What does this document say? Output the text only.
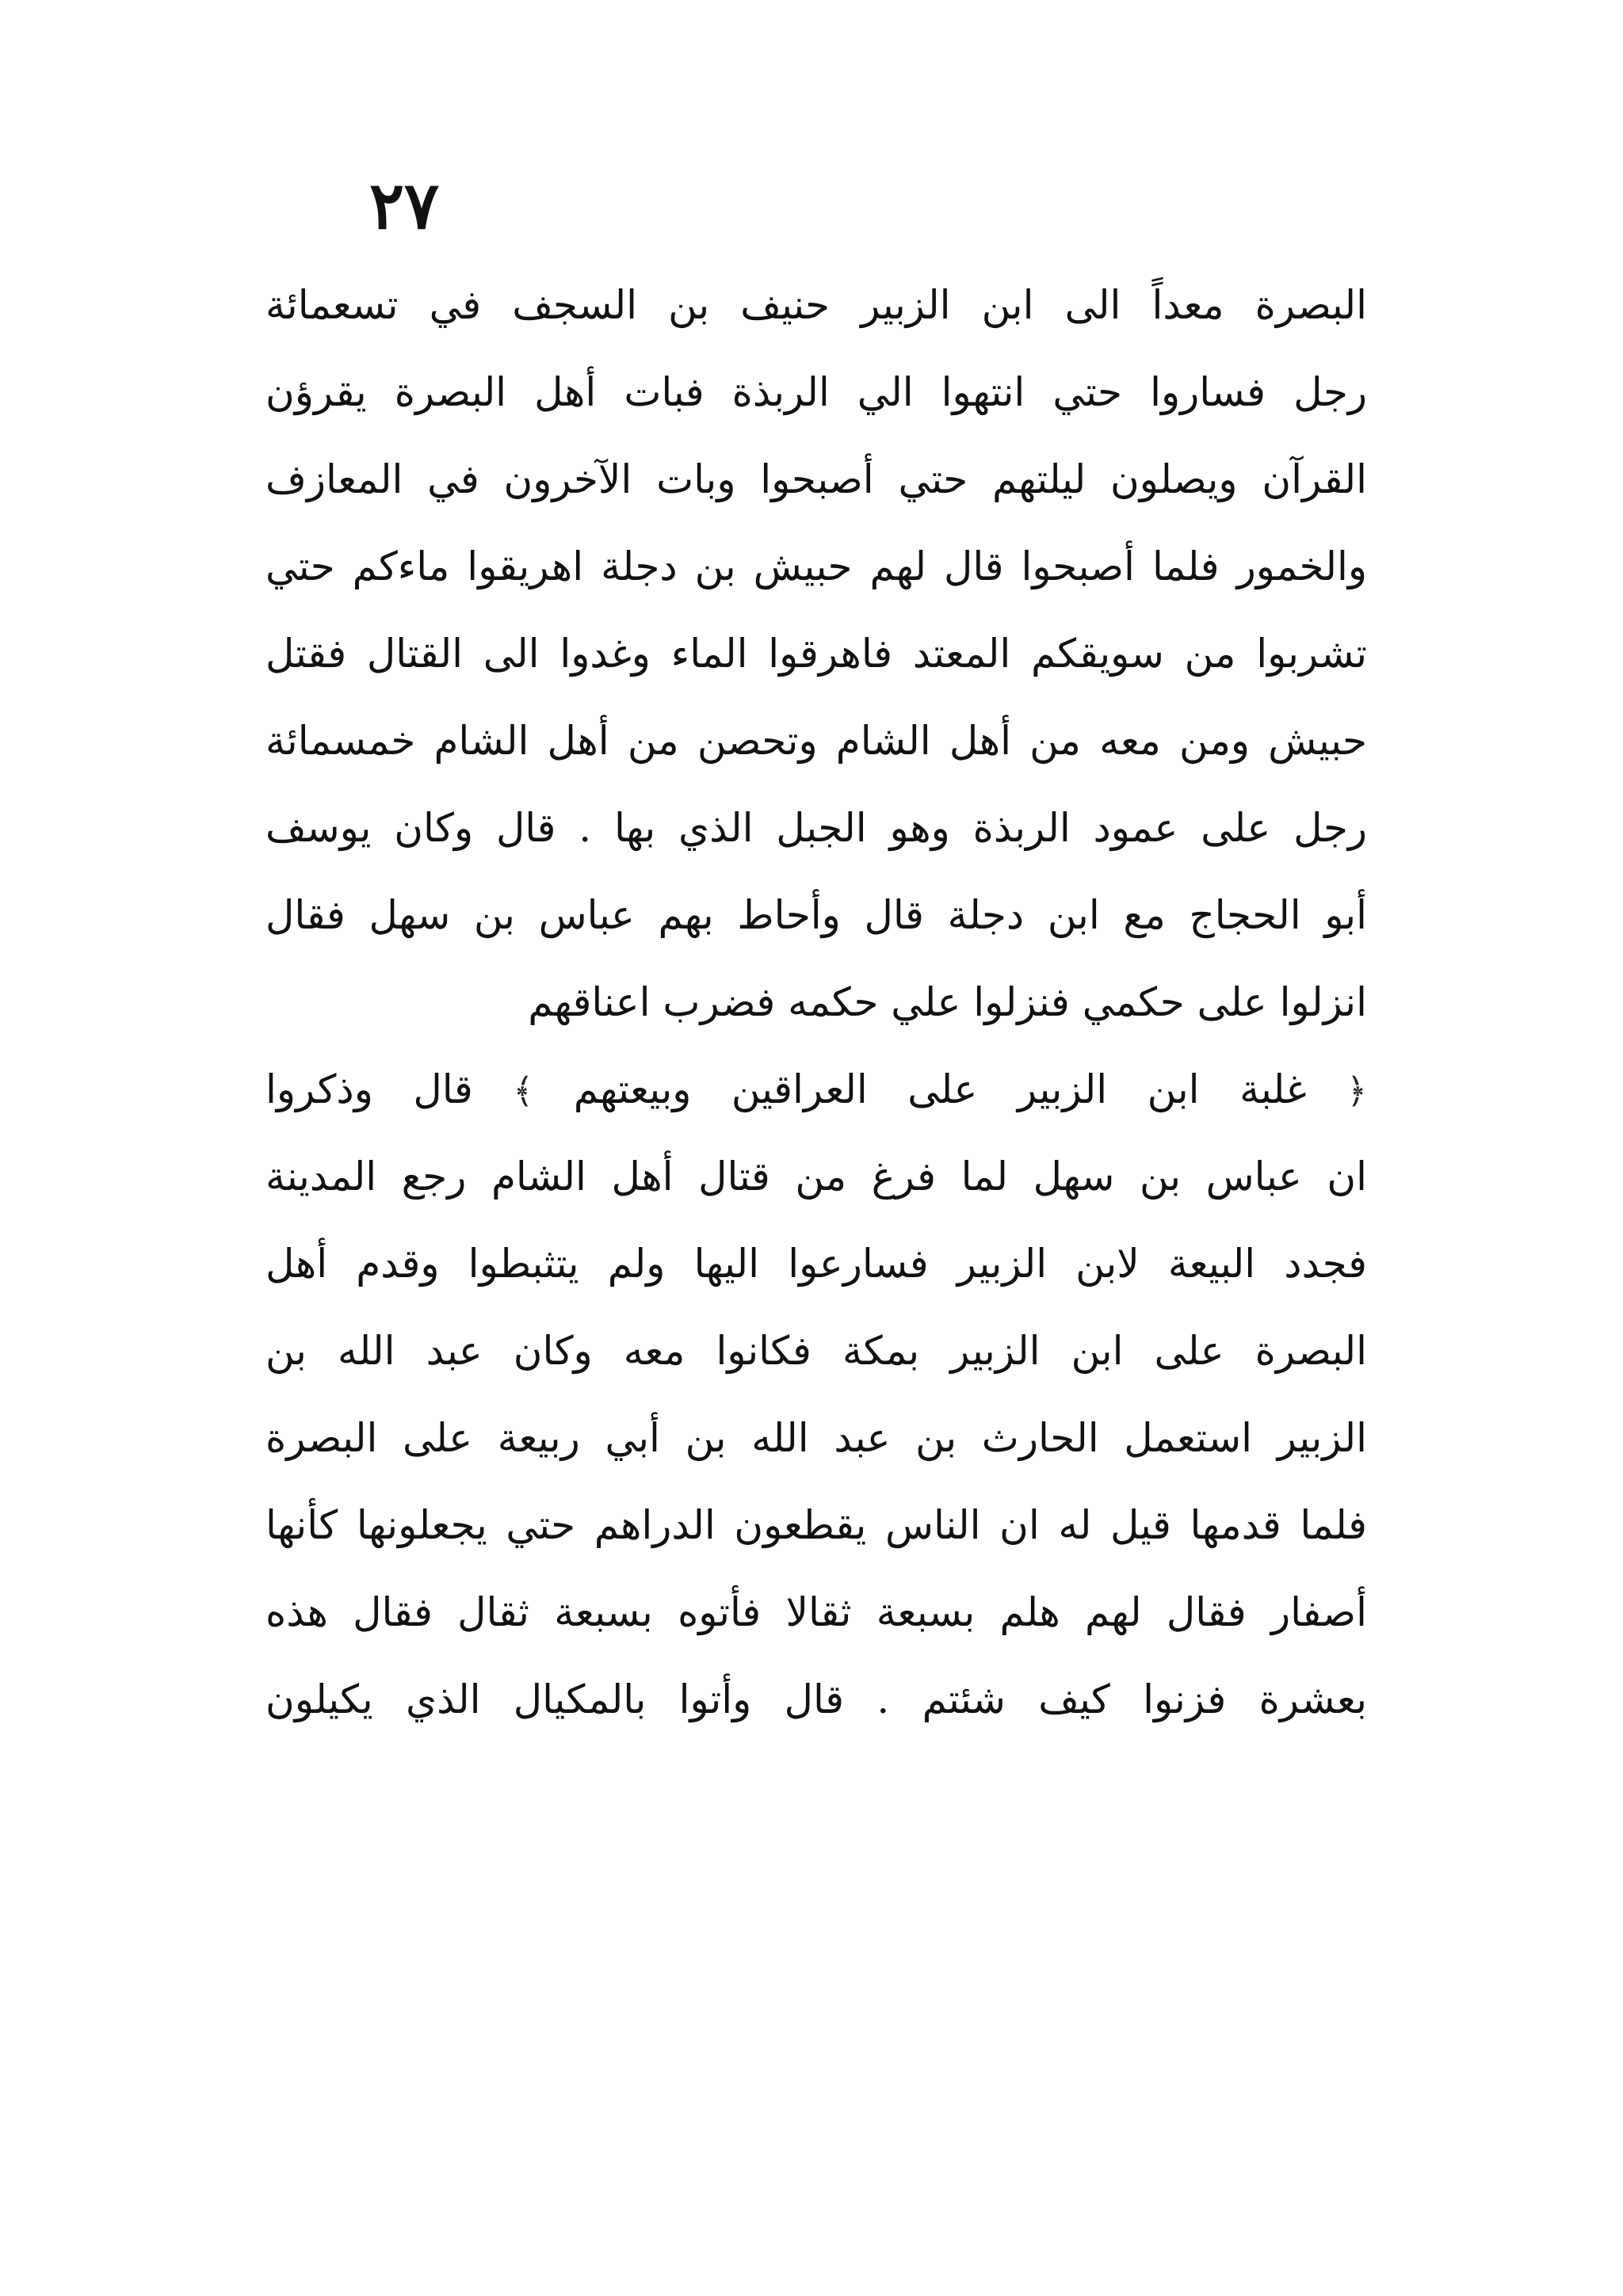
٢٧
البصرة معداً الى ابن الزبير حنيف بن السجف في تسعمائة
رجل فساروا حتي انتهوا الي الربذة فبات أهل البصرة يقرؤن
القرآن ويصلون ليلتهم حتي أصبحوا وبات الآخرون في المعازف
والخمور فلما أصبحوا قال لهم حبيش بن دجلة اهريقوا ماءكم حتي
تشربوا من سويقكم المعتد فاهرقوا الماء وغدوا الى القتال فقتل
حبيش ومن معه من أهل الشام وتحصن من أهل الشام خمسمائة
رجل على عمود الربذة وهو الجبل الذي بها . قال وكان يوسف
أبو الحجاج مع ابن دجلة قال وأحاط بهم عباس بن سهل فقال
انزلوا على حكمي فنزلوا علي حكمه فضرب اعناقهم
﴿ غلبة ابن الزبير على العراقين وبيعتهم ﴾ قال وذكروا
ان عباس بن سهل لما فرغ من قتال أهل الشام رجع المدينة
فجدد البيعة لابن الزبير فسارعوا اليها ولم يتثبطوا وقدم أهل
البصرة على ابن الزبير بمكة فكانوا معه وكان عبد الله بن
الزبير استعمل الحارث بن عبد الله بن أبي ربيعة على البصرة
فلما قدمها قيل له ان الناس يقطعون الدراهم حتي يجعلونها كأنها
أصفار فقال لهم هلم بسبعة ثقالا فأتوه بسبعة ثقال فقال هذه
بعشرة فزنوا كيف شئتم . قال وأتوا بالمكيال الذي يكيلون
